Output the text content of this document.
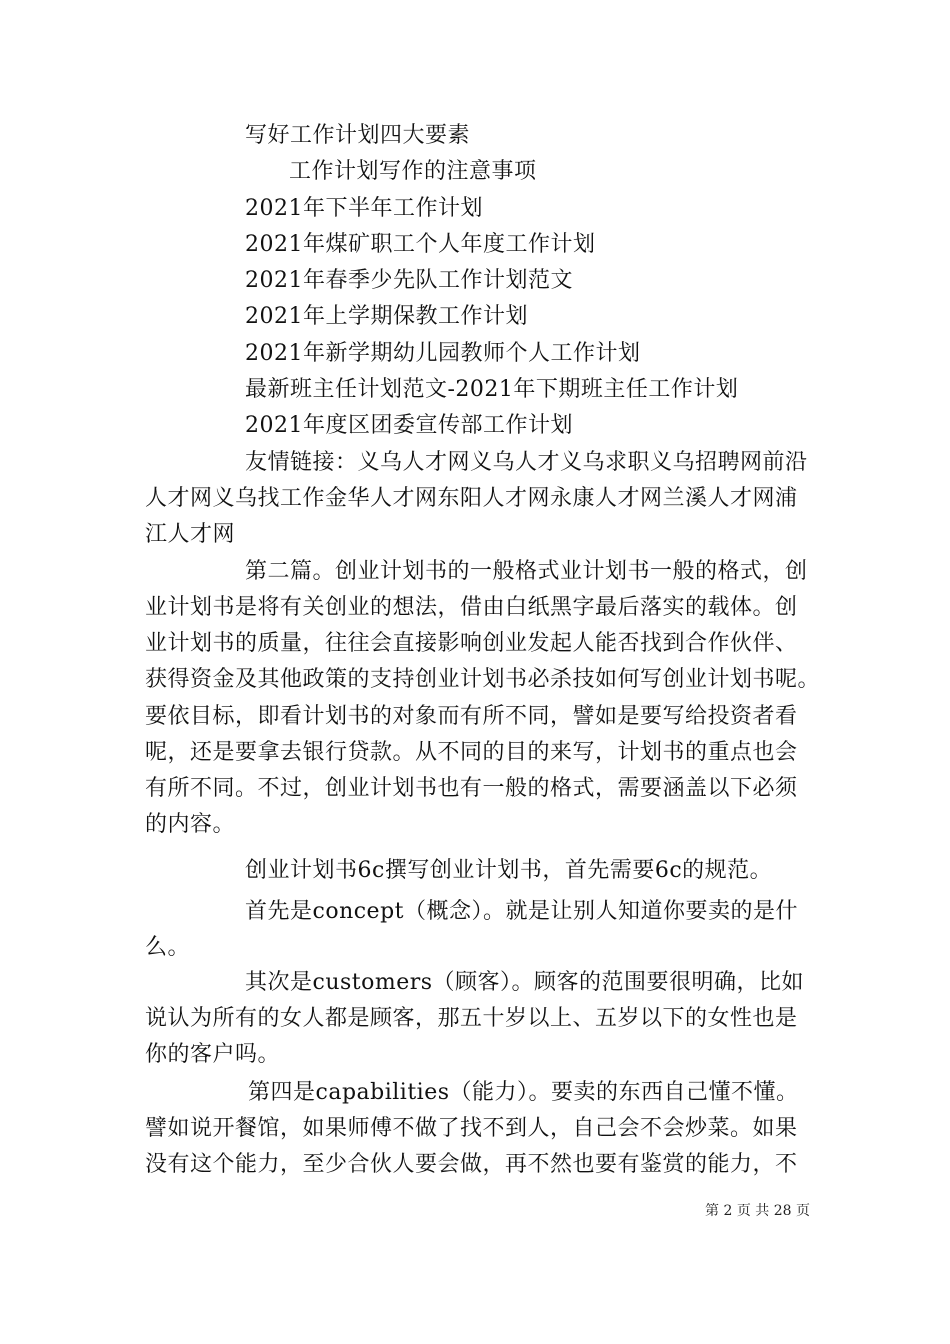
写好工作计划四大要素
工作计划写作的注意事项
2021年下半年工作计划
2021年煤矿职工个人年度工作计划
2021年春季少先队工作计划范文
2021年上学期保教工作计划
2021年新学期幼儿园教师个人工作计划
最新班主任计划范文-2021年下期班主任工作计划
2021年度区团委宣传部工作计划
友情链接：义乌人才网义乌人才义乌求职义乌招聘网前沿
人才网义乌找工作金华人才网东阳人才网永康人才网兰溪人才网浦
江人才网
第二篇。创业计划书的一般格式业计划书一般的格式，创
业计划书是将有关创业的想法，借由白纸黑字最后落实的载体。创
业计划书的质量，往往会直接影响创业发起人能否找到合作伙伴、
获得资金及其他政策的支持创业计划书必杀技如何写创业计划书呢。
要依目标，即看计划书的对象而有所不同，譬如是要写给投资者看
呢，还是要拿去银行贷款。从不同的目的来写，计划书的重点也会
有所不同。不过，创业计划书也有一般的格式，需要涵盖以下必须
的内容。
创业计划书6c撰写创业计划书，首先需要6c的规范。
首先是concept（概念）。就是让别人知道你要卖的是什
么。
其次是customers（顾客）。顾客的范围要很明确，比如
说认为所有的女人都是顾客，那五十岁以上、五岁以下的女性也是
你的客户吗。
第四是capabilities（能力）。要卖的东西自己懂不懂。
譬如说开餐馆，如果师傅不做了找不到人，自己会不会炒菜。如果
没有这个能力，至少合伙人要会做，再不然也要有鉴赏的能力，不
第 2 页 共 28 页
